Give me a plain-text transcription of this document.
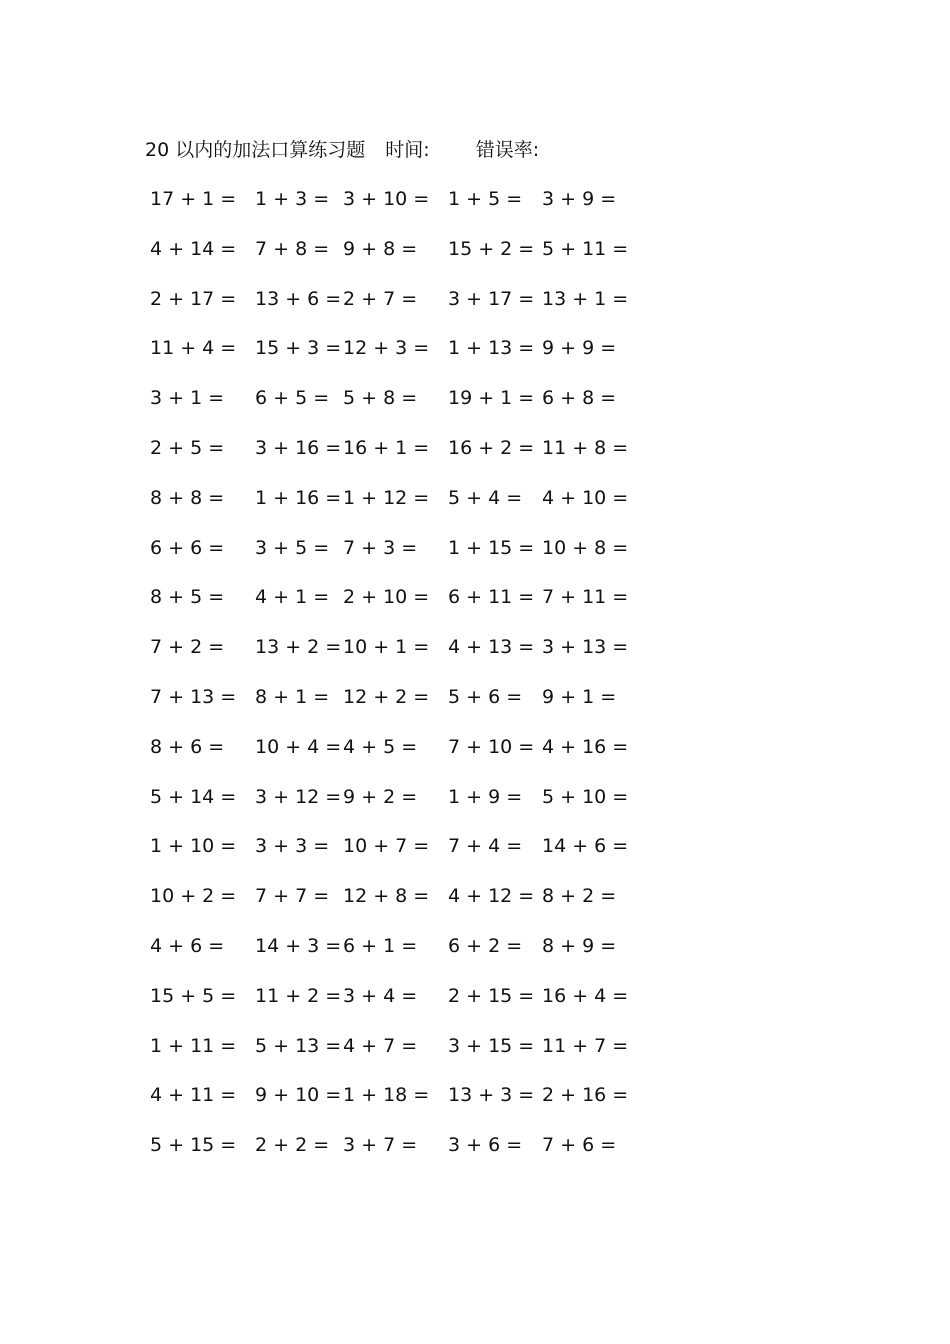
20 以内的加法口算练习题 时间: 错误率:
17 + 1 = 1 + 3 = 3 + 10 = 1 + 5 = 3 + 9 =
4 + 14 = 7 + 8 = 9 + 8 = 15 + 2 = 5 + 11 =
2 + 17 = 13 + 6 = 2 + 7 = 3 + 17 = 13 + 1 =
11 + 4 = 15 + 3 = 12 + 3 = 1 + 13 = 9 + 9 =
3 + 1 = 6 + 5 = 5 + 8 = 19 + 1 = 6 + 8 =
2 + 5 = 3 + 16 = 16 + 1 = 16 + 2 = 11 + 8 =
8 + 8 = 1 + 16 = 1 + 12 = 5 + 4 = 4 + 10 =
6 + 6 = 3 + 5 = 7 + 3 = 1 + 15 = 10 + 8 =
8 + 5 = 4 + 1 = 2 + 10 = 6 + 11 = 7 + 11 =
7 + 2 = 13 + 2 = 10 + 1 = 4 + 13 = 3 + 13 =
7 + 13 = 8 + 1 = 12 + 2 = 5 + 6 = 9 + 1 =
8 + 6 = 10 + 4 = 4 + 5 = 7 + 10 = 4 + 16 =
5 + 14 = 3 + 12 = 9 + 2 = 1 + 9 = 5 + 10 =
1 + 10 = 3 + 3 = 10 + 7 = 7 + 4 = 14 + 6 =
10 + 2 = 7 + 7 = 12 + 8 = 4 + 12 = 8 + 2 =
4 + 6 = 14 + 3 = 6 + 1 = 6 + 2 = 8 + 9 =
15 + 5 = 11 + 2 = 3 + 4 = 2 + 15 = 16 + 4 =
1 + 11 = 5 + 13 = 4 + 7 = 3 + 15 = 11 + 7 =
4 + 11 = 9 + 10 = 1 + 18 = 13 + 3 = 2 + 16 =
5 + 15 = 2 + 2 = 3 + 7 = 3 + 6 = 7 + 6 =
